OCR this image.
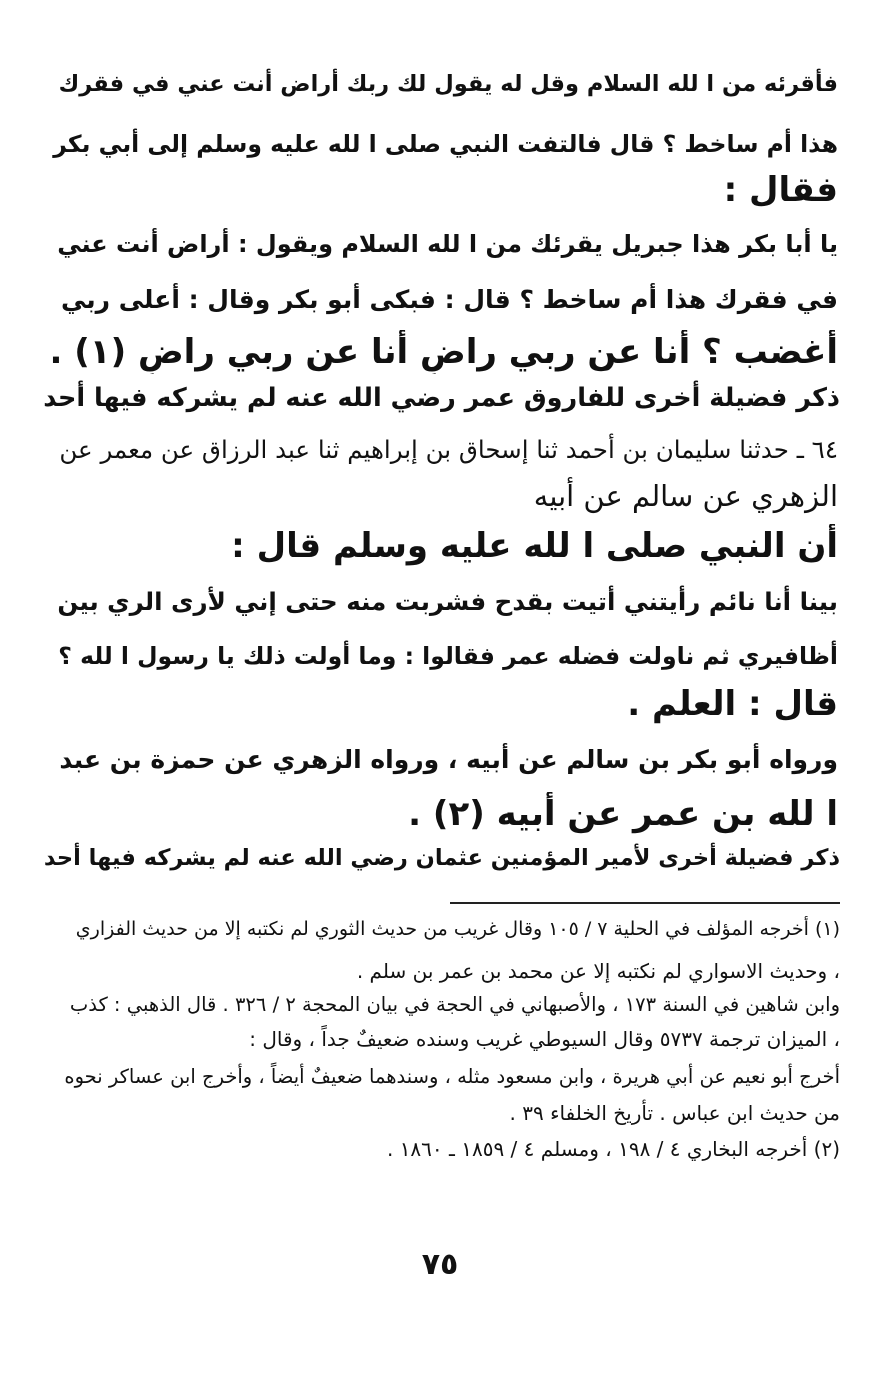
فأقرئه من ا لله السلام وقل له يقول لك ربك أراض أنت عني في فقرك
هذا أم ساخط ؟ قال فالتفت النبي صلى ا لله عليه وسلم إلى أبي بكر
فقال :
يا أبا بكر هذا جبريل يقرئك من ا لله السلام ويقول : أراض أنت عني
في فقرك هذا أم ساخط ؟ قال : فبكى أبو بكر وقال : أعلى ربي
أغضب ؟ أنا عن ربي راضٍ أنا عن ربي راضٍ (١) .
ذكر فضيلة أخرى للفاروق عمر رضي الله عنه لم يشركه فيها أحد
٦٤ ـ حدثنا سليمان بن أحمد ثنا إسحاق بن إبراهيم ثنا عبد الرزاق عن معمر عن
الزهري عن سالم عن أبيه
أن النبي صلى ا لله عليه وسلم قال :
بينا أنا نائم رأيتني أتيت بقدح فشربت منه حتى إني لأرى الري بين
أظافيري ثم ناولت فضله عمر فقالوا : وما أولت ذلك يا رسول ا لله ؟
قال : العلم .
ورواه أبو بكر بن سالم عن أبيه ، ورواه الزهري عن حمزة بن عبد
ا لله بن عمر عن أبيه (٢) .
ذكر فضيلة أخرى لأمير المؤمنين عثمان رضي الله عنه لم يشركه فيها أحد
(١) أخرجه المؤلف في الحلية ٧ / ١٠٥ وقال غريب من حديث الثوري لم نكتبه إلا من حديث الفزاري
، وحديث الاسواري لم نكتبه إلا عن محمد بن عمر بن سلم .
وابن شاهين في السنة ١٧٣ ، والأصبهاني في الحجة في بيان المحجة ٢ / ٣٢٦ . قال الذهبي : كذب
، الميزان ترجمة ٥٧٣٧ وقال السيوطي غريب وسنده ضعيفٌ جداً ، وقال :
أخرج أبو نعيم عن أبي هريرة ، وابن مسعود مثله ، وسندهما ضعيفٌ أيضاً ، وأخرج ابن عساكر نحوه
من حديث ابن عباس . تأريخ الخلفاء ٣٩ .
(٢) أخرجه البخاري ٤ / ١٩٨ ، ومسلم ٤ / ١٨٥٩ ـ ١٨٦٠ .
٧٥
